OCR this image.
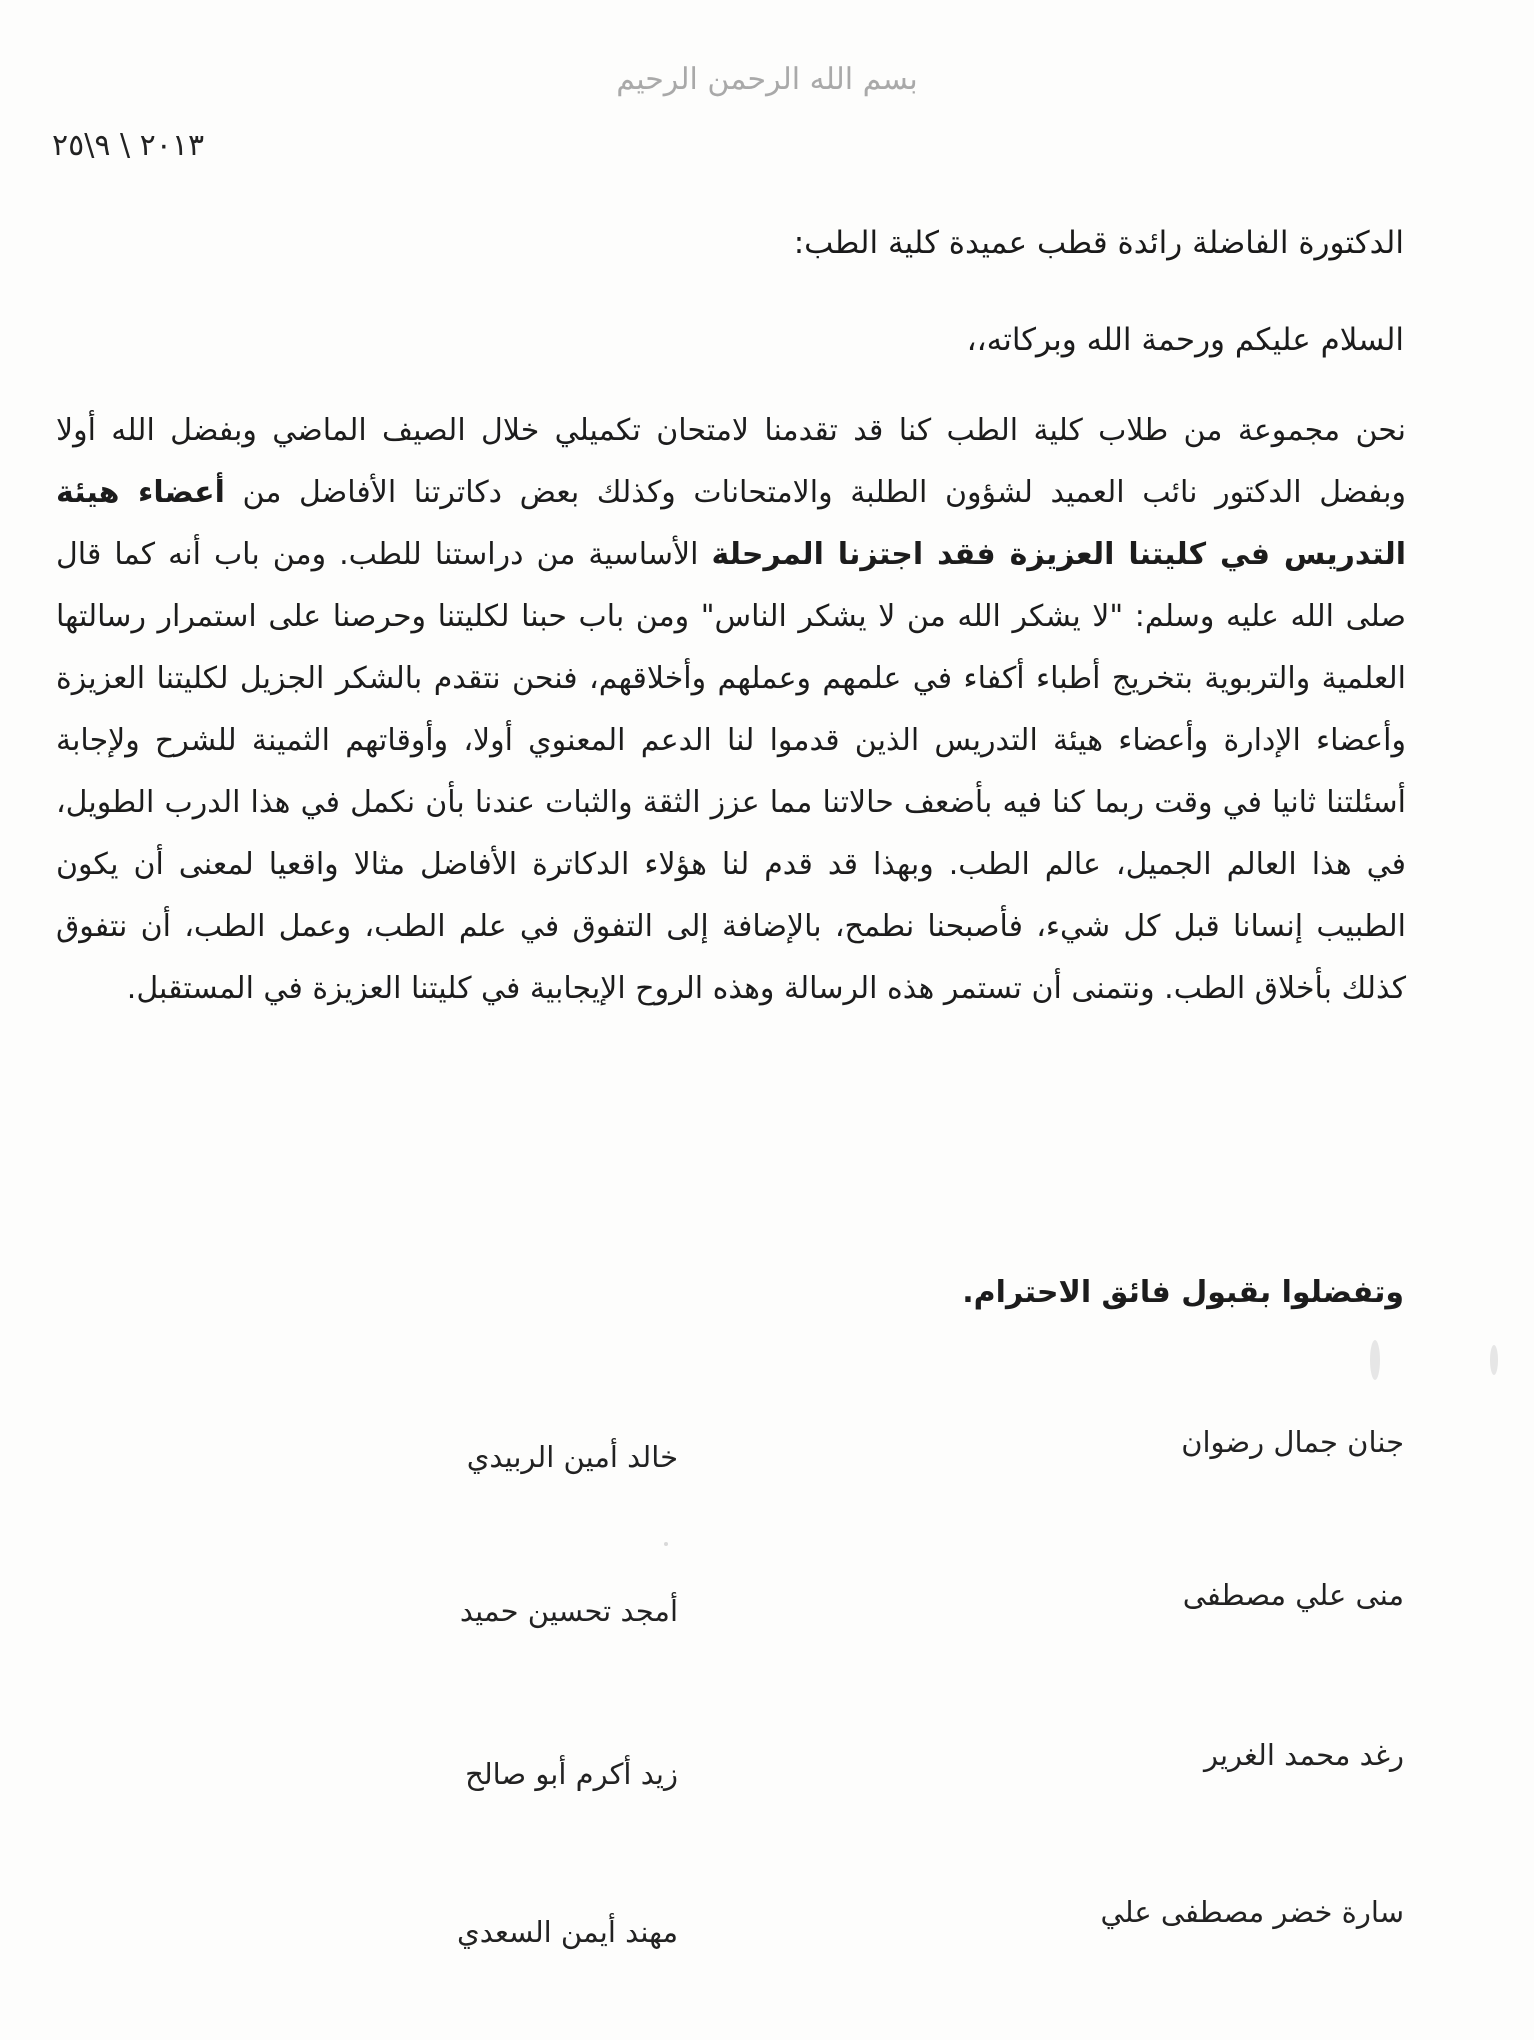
بسم الله الرحمن الرحيم
٢٠١٣ \ ٩\٢٥
الدكتورة الفاضلة رائدة قطب عميدة كلية الطب:
السلام عليكم ورحمة الله وبركاته،،
نحن مجموعة من طلاب كلية الطب كنا قد تقدمنا لامتحان تكميلي خلال الصيف الماضي وبفضل الله أولا وبفضل الدكتور نائب العميد لشؤون الطلبة والامتحانات وكذلك بعض دكاترتنا الأفاضل من أعضاء هيئة التدريس في كليتنا العزيزة فقد اجتزنا المرحلة الأساسية من دراستنا للطب. ومن باب أنه كما قال صلى الله عليه وسلم: "لا يشكر الله من لا يشكر الناس" ومن باب حبنا لكليتنا وحرصنا على استمرار رسالتها العلمية والتربوية بتخريج أطباء أكفاء في علمهم وعملهم وأخلاقهم، فنحن نتقدم بالشكر الجزيل لكليتنا العزيزة وأعضاء الإدارة وأعضاء هيئة التدريس الذين قدموا لنا الدعم المعنوي أولا، وأوقاتهم الثمينة للشرح ولإجابة أسئلتنا ثانيا في وقت ربما كنا فيه بأضعف حالاتنا مما عزز الثقة والثبات عندنا بأن نكمل في هذا الدرب الطويل، في هذا العالم الجميل، عالم الطب. وبهذا قد قدم لنا هؤلاء الدكاترة الأفاضل مثالا واقعيا لمعنى أن يكون الطبيب إنسانا قبل كل شيء، فأصبحنا نطمح، بالإضافة إلى التفوق في علم الطب، وعمل الطب، أن نتفوق كذلك بأخلاق الطب. ونتمنى أن تستمر هذه الرسالة وهذه الروح الإيجابية في كليتنا العزيزة في المستقبل.
وتفضلوا بقبول فائق الاحترام.
جنان جمال رضوان
خالد أمين الربيدي
منى علي مصطفى
أمجد تحسين حميد
رغد محمد الغرير
زيد أكرم أبو صالح
سارة خضر مصطفى علي
مهند أيمن السعدي
